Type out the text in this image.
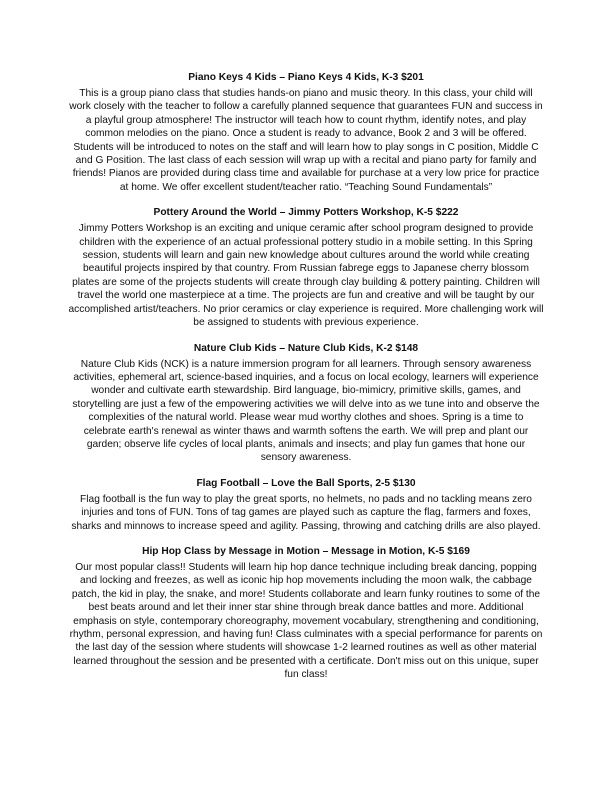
Piano Keys 4 Kids – Piano Keys 4 Kids, K-3 $201

This is a group piano class that studies hands-on piano and music theory. In this class, your child will work closely with the teacher to follow a carefully planned sequence that guarantees FUN and success in a playful group atmosphere! The instructor will teach how to count rhythm, identify notes, and play common melodies on the piano. Once a student is ready to advance, Book 2 and 3 will be offered. Students will be introduced to notes on the staff and will learn how to play songs in C position, Middle C and G Position. The last class of each session will wrap up with a recital and piano party for family and friends! Pianos are provided during class time and available for purchase at a very low price for practice at home. We offer excellent student/teacher ratio. “Teaching Sound Fundamentals”

Pottery Around the World – Jimmy Potters Workshop, K-5 $222

Jimmy Potters Workshop is an exciting and unique ceramic after school program designed to provide children with the experience of an actual professional pottery studio in a mobile setting. In this Spring session, students will learn and gain new knowledge about cultures around the world while creating beautiful projects inspired by that country. From Russian fabrege eggs to Japanese cherry blossom plates are some of the projects students will create through clay building & pottery painting. Children will travel the world one masterpiece at a time. The projects are fun and creative and will be taught by our accomplished artist/teachers. No prior ceramics or clay experience is required. More challenging work will be assigned to students with previous experience.

Nature Club Kids – Nature Club Kids, K-2 $148

Nature Club Kids (NCK) is a nature immersion program for all learners. Through sensory awareness activities, ephemeral art, science-based inquiries, and a focus on local ecology, learners will experience wonder and cultivate earth stewardship. Bird language, bio-mimicry, primitive skills, games, and storytelling are just a few of the empowering activities we will delve into as we tune into and observe the complexities of the natural world. Please wear mud worthy clothes and shoes. Spring is a time to celebrate earth's renewal as winter thaws and warmth softens the earth. We will prep and plant our garden; observe life cycles of local plants, animals and insects; and play fun games that hone our sensory awareness.

Flag Football – Love the Ball Sports, 2-5 $130

Flag football is the fun way to play the great sports, no helmets, no pads and no tackling means zero injuries and tons of FUN. Tons of tag games are played such as capture the flag, farmers and foxes, sharks and minnows to increase speed and agility. Passing, throwing and catching drills are also played.

Hip Hop Class by Message in Motion – Message in Motion, K-5 $169

Our most popular class!! Students will learn hip hop dance technique including break dancing, popping and locking and freezes, as well as iconic hip hop movements including the moon walk, the cabbage patch, the kid in play, the snake, and more! Students collaborate and learn funky routines to some of the best beats around and let their inner star shine through break dance battles and more. Additional emphasis on style, contemporary choreography, movement vocabulary, strengthening and conditioning, rhythm, personal expression, and having fun! Class culminates with a special performance for parents on the last day of the session where students will showcase 1-2 learned routines as well as other material learned throughout the session and be presented with a certificate. Don't miss out on this unique, super fun class!
